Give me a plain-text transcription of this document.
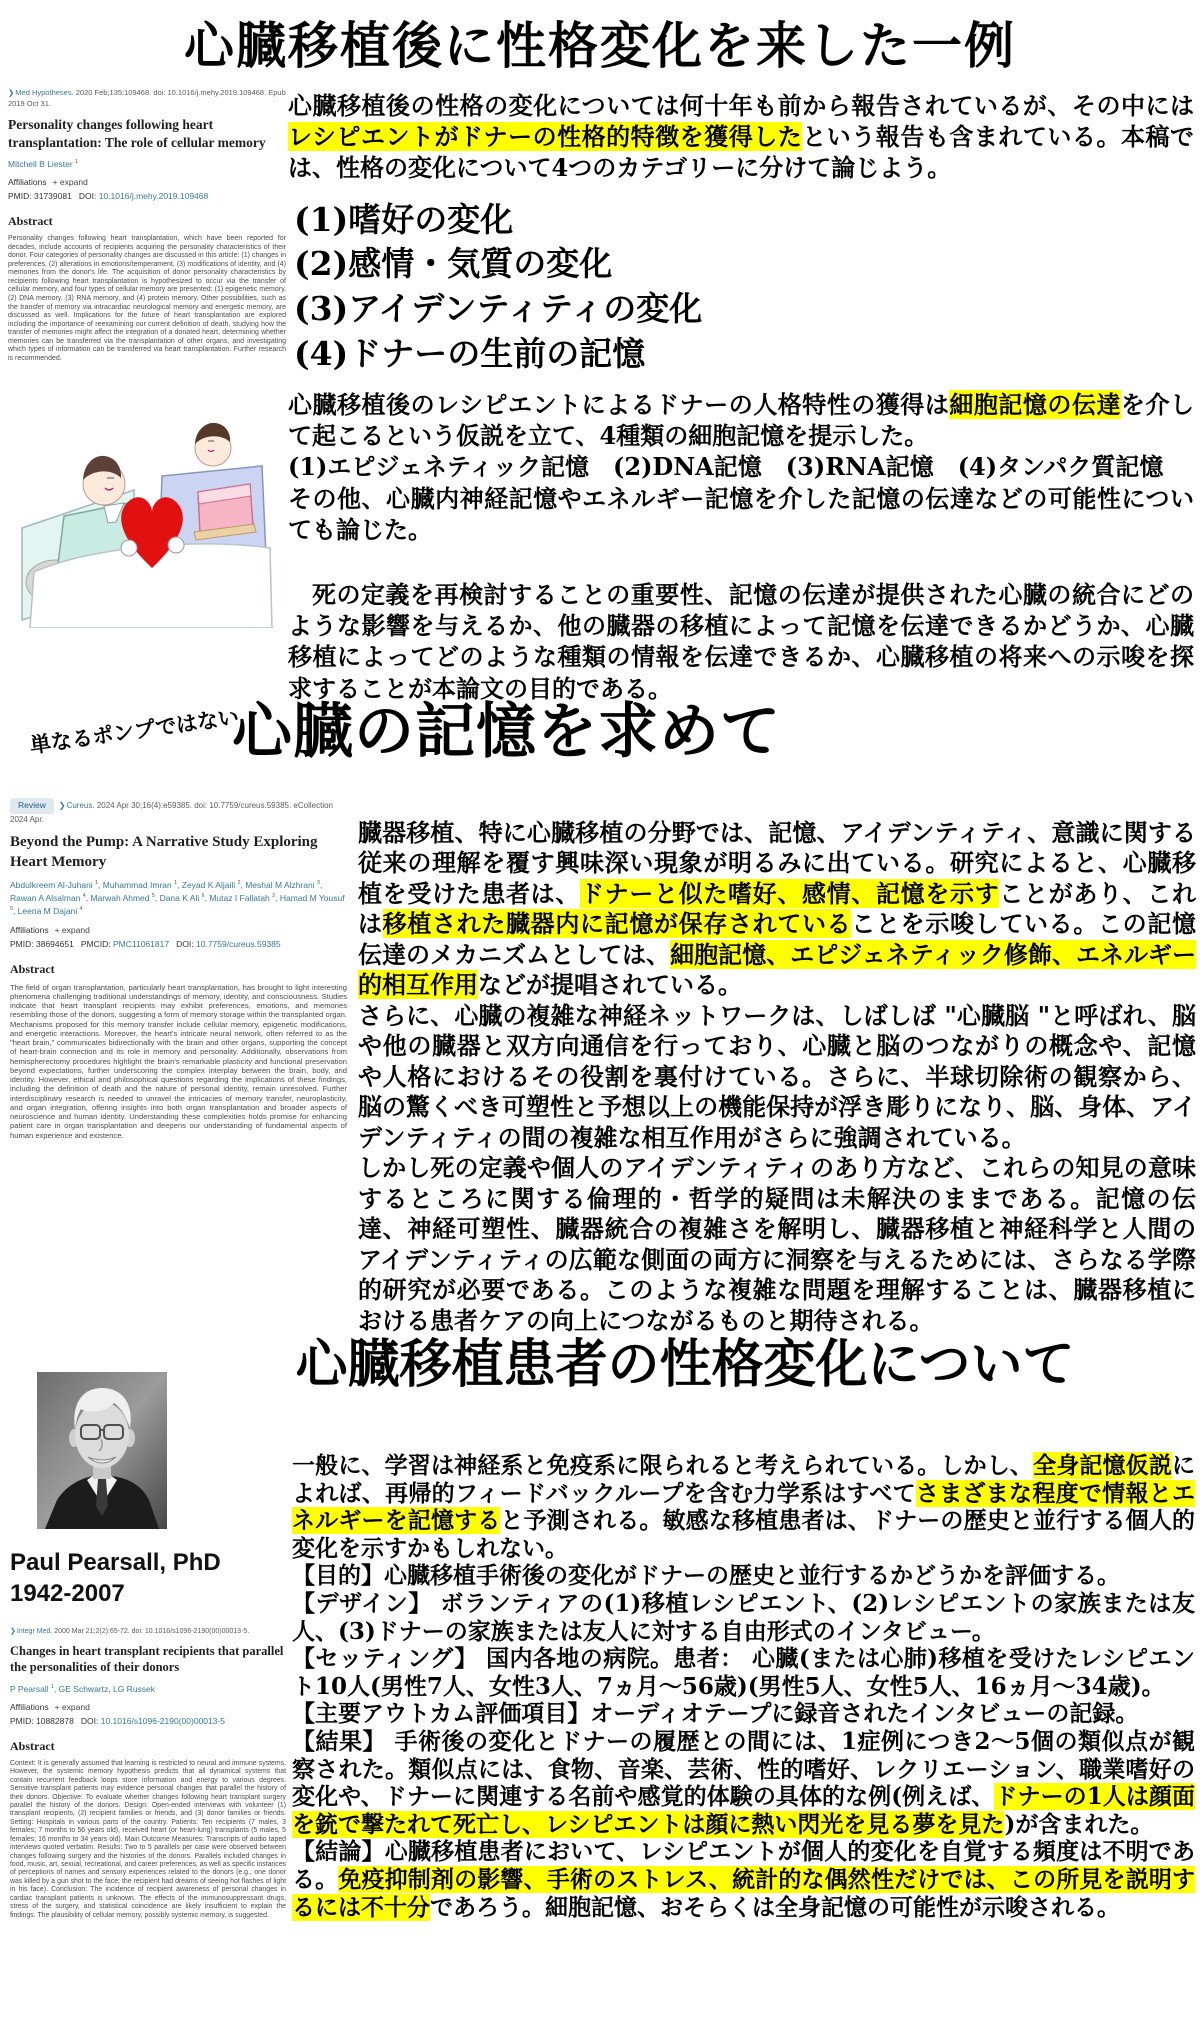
心臓移植後に性格変化を来した一例
❯Med Hypotheses. 2020 Feb;135:109468. doi: 10.1016/j.mehy.2019.109468. Epub 2019 Oct 31.
Personality changes following heart transplantation: The role of cellular memory
Mitchell B Liester $^1$
Affiliations + expand
PMID: 31739081   DOI: 10.1016/j.mehy.2019.109468
Abstract
Personality changes following heart transplantation, which have been reported for decades, include accounts of recipients acquiring the personality characteristics of their donor. Four categories of personality changes are discussed in this article: (1) changes in preferences, (2) alterations in emotions/temperament, (3) modifications of identity, and (4) memories from the donor's life. The acquisition of donor personality characteristics by recipients following heart transplantation is hypothesized to occur via the transfer of cellular memory, and four types of cellular memory are presented: (1) epigenetic memory, (2) DNA memory, (3) RNA memory, and (4) protein memory. Other possibilities, such as the transfer of memory via intracardiac neurological memory and energetic memory, are discussed as well. Implications for the future of heart transplantation are explored including the importance of reexamining our current definition of death, studying how the transfer of memories might affect the integration of a donated heart, determining whether memories can be transferred via the transplantation of other organs, and investigating which types of information can be transferred via heart transplantation. Further research is recommended.
心臓移植後の性格の変化については何十年も前から報告されているが、その中にはレシピエントがドナーの性格的特徴を獲得したという報告も含まれている。本稿では、性格の変化について4つのカテゴリーに分けて論じよう。
(1)嗜好の変化
(2)感情・気質の変化
(3)アイデンティティの変化
(4)ドナーの生前の記憶
心臓移植後のレシピエントによるドナーの人格特性の獲得は細胞記憶の伝達を介して起こるという仮説を立て、4種類の細胞記憶を提示した。
(1)エピジェネティック記憶　(2)DNA記憶　(3)RNA記憶　(4)タンパク質記憶
その他、心臓内神経記憶やエネルギー記憶を介した記憶の伝達などの可能性についても論じた。
死の定義を再検討することの重要性、記憶の伝達が提供された心臓の統合にどのような影響を与えるか、他の臓器の移植によって記憶を伝達できるかどうか、心臓移植によってどのような種類の情報を伝達できるか、心臓移植の将来への示唆を探求することが本論文の目的である。
単なるポンプではない
心臓の記憶を求めて
Review ❯Cureus. 2024 Apr 30;16(4):e59385. doi: 10.7759/cureus.59385. eCollection 2024 Apr.
Beyond the Pump: A Narrative Study Exploring Heart Memory
Abdulkreem Al-Juhani $^1$, Muhammad Imran $^1$, Zeyad K Aljaili $^2$, Meshal M Alzhrani $^3$, Rawan A Alsalman $^4$, Marwah Ahmed $^5$, Dana K Ali $^6$, Mutaz I Fallatah $^2$, Hamad M Yousuf $^5$, Leena M Dajani $^4$
Affiliations + expand
PMID: 38694651   PMCID: PMC11061817   DOI: 10.7759/cureus.59385
Abstract
The field of organ transplantation, particularly heart transplantation, has brought to light interesting phenomena challenging traditional understandings of memory, identity, and consciousness. Studies indicate that heart transplant recipients may exhibit preferences, emotions, and memories resembling those of the donors, suggesting a form of memory storage within the transplanted organ. Mechanisms proposed for this memory transfer include cellular memory, epigenetic modifications, and energetic interactions. Moreover, the heart's intricate neural network, often referred to as the "heart brain," communicates bidirectionally with the brain and other organs, supporting the concept of heart-brain connection and its role in memory and personality. Additionally, observations from hemispherectomy procedures highlight the brain's remarkable plasticity and functional preservation beyond expectations, further underscoring the complex interplay between the brain, body, and identity. However, ethical and philosophical questions regarding the implications of these findings, including the definition of death and the nature of personal identity, remain unresolved. Further interdisciplinary research is needed to unravel the intricacies of memory transfer, neuroplasticity, and organ integration, offering insights into both organ transplantation and broader aspects of neuroscience and human identity. Understanding these complexities holds promise for enhancing patient care in organ transplantation and deepens our understanding of fundamental aspects of human experience and existence.
臓器移植、特に心臓移植の分野では、記憶、アイデンティティ、意識に関する従来の理解を覆す興味深い現象が明るみに出ている。研究によると、心臓移植を受けた患者は、ドナーと似た嗜好、感情、記憶を示すことがあり、これは移植された臓器内に記憶が保存されていることを示唆している。この記憶伝達のメカニズムとしては、細胞記憶、エピジェネティック修飾、エネルギー的相互作用などが提唱されている。
さらに、心臓の複雑な神経ネットワークは、しばしば "心臓脳 "と呼ばれ、脳や他の臓器と双方向通信を行っており、心臓と脳のつながりの概念や、記憶や人格におけるその役割を裏付けている。さらに、半球切除術の観察から、脳の驚くべき可塑性と予想以上の機能保持が浮き彫りになり、脳、身体、アイデンティティの間の複雑な相互作用がさらに強調されている。
しかし死の定義や個人のアイデンティティのあり方など、これらの知見の意味するところに関する倫理的・哲学的疑問は未解決のままである。記憶の伝達、神経可塑性、臓器統合の複雑さを解明し、臓器移植と神経科学と人間のアイデンティティの広範な側面の両方に洞察を与えるためには、さらなる学際的研究が必要である。このような複雑な問題を理解することは、臓器移植における患者ケアの向上につながるものと期待される。
心臓移植患者の性格変化について
Paul Pearsall, PhD
1942-2007
❯Integr Med. 2000 Mar 21;2(2):65-72. doi: 10.1016/s1096-2190(00)00013-5.
Changes in heart transplant recipients that parallel the personalities of their donors
P Pearsall $^1$, GE Schwartz, LG Russek
Affiliations + expand
PMID: 10882878   DOI: 10.1016/s1096-2190(00)00013-5
Abstract
Context: It is generally assumed that learning is restricted to neural and immune systems. However, the systemic memory hypothesis predicts that all dynamical systems that contain recurrent feedback loops store information and energy to various degrees. Sensitive transplant patients may evidence personal changes that parallel the history of their donors. Objective: To evaluate whether changes following heart transplant surgery parallel the history of the donors. Design: Open-ended interviews with volunteer (1) transplant recipients, (2) recipient families or friends, and (3) donor families or friends. Setting: Hospitals in various parts of the country. Patients: Ten recipients (7 males, 3 females; 7 months to 56 years old), received heart (or heart-lung) transplants (5 males, 5 females; 16 months to 34 years old). Main Outcome Measures: Transcripts of audio taped interviews quoted verbatim. Results: Two to 5 parallels per case were observed between changes following surgery and the histories of the donors. Parallels included changes in food, music, art, sexual, recreational, and career preferences, as well as specific instances of perceptions of names and sensory experiences related to the donors (e.g., one donor was killed by a gun shot to the face; the recipient had dreams of seeing hot flashes of light in his face). Conclusion: The incidence of recipient awareness of personal changes in cardiac transplant patients is unknown. The effects of the immunosuppressant drugs, stress of the surgery, and statistical coincidence are likely insufficient to explain the findings. The plausibility of cellular memory, possibly systemic memory, is suggested.
一般に、学習は神経系と免疫系に限られると考えられている。しかし、全身記憶仮説によれば、再帰的フィードバックループを含む力学系はすべてさまざまな程度で情報とエネルギーを記憶すると予測される。敏感な移植患者は、ドナーの歴史と並行する個人的変化を示すかもしれない。
【目的】心臓移植手術後の変化がドナーの歴史と並行するかどうかを評価する。
【デザイン】 ボランティアの(1)移植レシピエント、(2)レシピエントの家族または友人、(3)ドナーの家族または友人に対する自由形式のインタビュー。
【セッティング】 国内各地の病院。患者： 心臓(または心肺)移植を受けたレシピエント10人(男性7人、女性3人、7ヵ月～56歳)(男性5人、女性5人、16ヵ月～34歳)。
【主要アウトカム評価項目】オーディオテープに録音されたインタビューの記録。
【結果】 手術後の変化とドナーの履歴との間には、1症例につき2～5個の類似点が観察された。類似点には、食物、音楽、芸術、性的嗜好、レクリエーション、職業嗜好の変化や、ドナーに関連する名前や感覚的体験の具体的な例(例えば、ドナーの1人は顔面を銃で撃たれて死亡し、レシピエントは顔に熱い閃光を見る夢を見た)が含まれた。
【結論】心臓移植患者において、レシピエントが個人的変化を自覚する頻度は不明である。免疫抑制剤の影響、手術のストレス、統計的な偶然性だけでは、この所見を説明するには不十分であろう。細胞記憶、おそらくは全身記憶の可能性が示唆される。
